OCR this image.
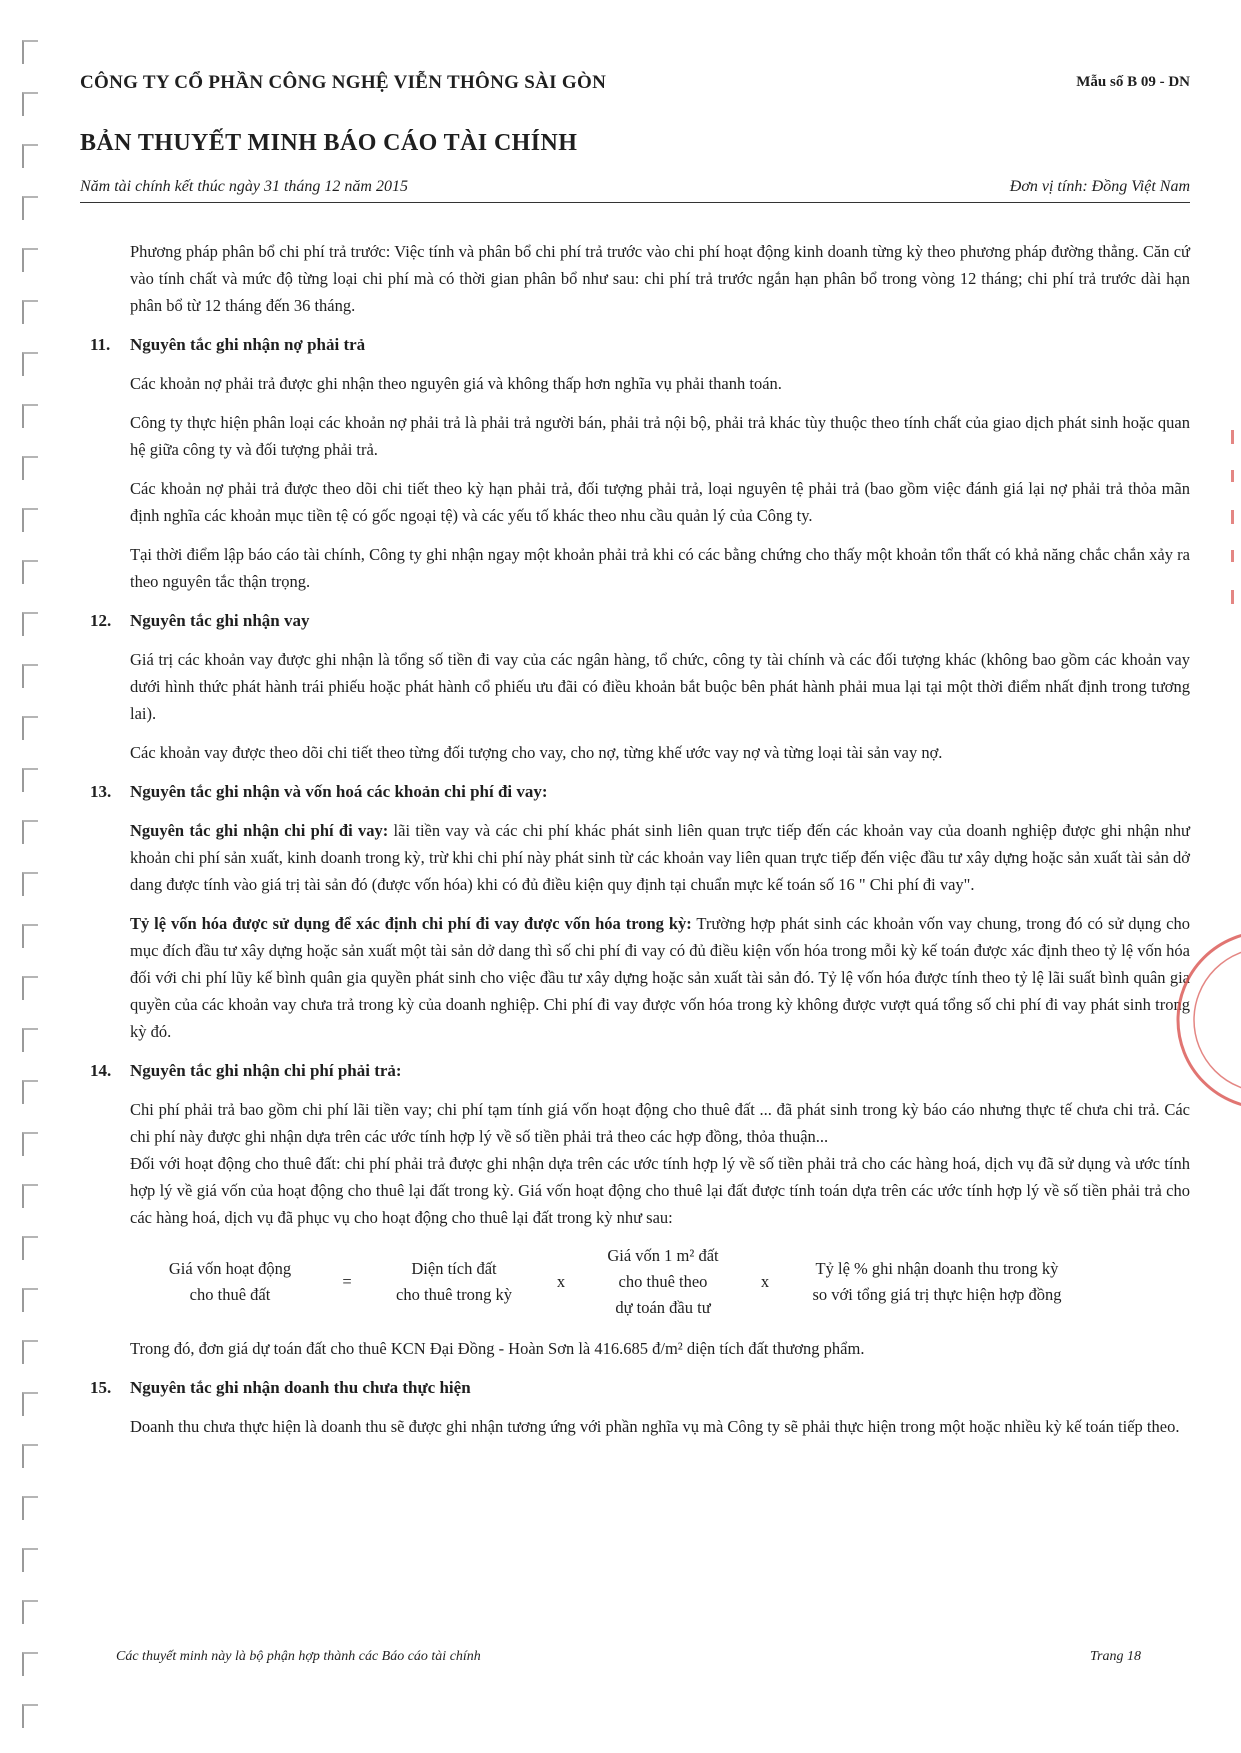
CÔNG TY CỔ PHẦN CÔNG NGHỆ VIỄN THÔNG SÀI GÒN	Mẫu số B 09 - DN
BẢN THUYẾT MINH BÁO CÁO TÀI CHÍNH
Năm tài chính kết thúc ngày 31 tháng 12 năm 2015	Đơn vị tính: Đồng Việt Nam

Phương pháp phân bổ chi phí trả trước: Việc tính và phân bổ chi phí trả trước vào chi phí hoạt động kinh doanh từng kỳ theo phương pháp đường thẳng. Căn cứ vào tính chất và mức độ từng loại chi phí mà có thời gian phân bổ như sau: chi phí trả trước ngắn hạn phân bổ trong vòng 12 tháng; chi phí trả trước dài hạn phân bổ từ 12 tháng đến 36 tháng.

11. Nguyên tắc ghi nhận nợ phải trả

Các khoản nợ phải trả được ghi nhận theo nguyên giá và không thấp hơn nghĩa vụ phải thanh toán.

Công ty thực hiện phân loại các khoản nợ phải trả là phải trả người bán, phải trả nội bộ, phải trả khác tùy thuộc theo tính chất của giao dịch phát sinh hoặc quan hệ giữa công ty và đối tượng phải trả.

Các khoản nợ phải trả được theo dõi chi tiết theo kỳ hạn phải trả, đối tượng phải trả, loại nguyên tệ phải trả (bao gồm việc đánh giá lại nợ phải trả thỏa mãn định nghĩa các khoản mục tiền tệ có gốc ngoại tệ) và các yếu tố khác theo nhu cầu quản lý của Công ty.

Tại thời điểm lập báo cáo tài chính, Công ty ghi nhận ngay một khoản phải trả khi có các bằng chứng cho thấy một khoản tổn thất có khả năng chắc chắn xảy ra theo nguyên tắc thận trọng.

12. Nguyên tắc ghi nhận vay

Giá trị các khoản vay được ghi nhận là tổng số tiền đi vay của các ngân hàng, tổ chức, công ty tài chính và các đối tượng khác (không bao gồm các khoản vay dưới hình thức phát hành trái phiếu hoặc phát hành cổ phiếu ưu đãi có điều khoản bắt buộc bên phát hành phải mua lại tại một thời điểm nhất định trong tương lai).

Các khoản vay được theo dõi chi tiết theo từng đối tượng cho vay, cho nợ, từng khế ước vay nợ và từng loại tài sản vay nợ.

13. Nguyên tắc ghi nhận và vốn hoá các khoản chi phí đi vay:

Nguyên tắc ghi nhận chi phí đi vay: lãi tiền vay và các chi phí khác phát sinh liên quan trực tiếp đến các khoản vay của doanh nghiệp được ghi nhận như khoản chi phí sản xuất, kinh doanh trong kỳ, trừ khi chi phí này phát sinh từ các khoản vay liên quan trực tiếp đến việc đầu tư xây dựng hoặc sản xuất tài sản dở dang được tính vào giá trị tài sản đó (được vốn hóa) khi có đủ điều kiện quy định tại chuẩn mực kế toán số 16 " Chi phí đi vay".

Tỷ lệ vốn hóa được sử dụng để xác định chi phí đi vay được vốn hóa trong kỳ: Trường hợp phát sinh các khoản vốn vay chung, trong đó có sử dụng cho mục đích đầu tư xây dựng hoặc sản xuất một tài sản dở dang thì số chi phí đi vay có đủ điều kiện vốn hóa trong mỗi kỳ kế toán được xác định theo tỷ lệ vốn hóa đối với chi phí lũy kế bình quân gia quyền phát sinh cho việc đầu tư xây dựng hoặc sản xuất tài sản đó. Tỷ lệ vốn hóa được tính theo tỷ lệ lãi suất bình quân gia quyền của các khoản vay chưa trả trong kỳ của doanh nghiệp. Chi phí đi vay được vốn hóa trong kỳ không được vượt quá tổng số chi phí đi vay phát sinh trong kỳ đó.

14. Nguyên tắc ghi nhận chi phí phải trả:

Chi phí phải trả bao gồm chi phí lãi tiền vay; chi phí tạm tính giá vốn hoạt động cho thuê đất ... đã phát sinh trong kỳ báo cáo nhưng thực tế chưa chi trả. Các chi phí này được ghi nhận dựa trên các ước tính hợp lý về số tiền phải trả theo các hợp đồng, thỏa thuận...

Đối với hoạt động cho thuê đất: chi phí phải trả được ghi nhận dựa trên các ước tính hợp lý về số tiền phải trả cho các hàng hoá, dịch vụ đã sử dụng và ước tính hợp lý về giá vốn của hoạt động cho thuê lại đất trong kỳ. Giá vốn hoạt động cho thuê lại đất được tính toán dựa trên các ước tính hợp lý về số tiền phải trả cho các hàng hoá, dịch vụ đã phục vụ cho hoạt động cho thuê lại đất trong kỳ như sau:

Giá vốn hoạt động
cho thuê đất
=
Diện tích đất
cho thuê trong kỳ
x
Giá vốn 1 m² đất
cho thuê theo
dự toán đầu tư
x
Tỷ lệ % ghi nhận doanh thu trong kỳ
so với tổng giá trị thực hiện hợp đồng

Trong đó, đơn giá dự toán đất cho thuê KCN Đại Đồng - Hoàn Sơn là 416.685 đ/m² diện tích đất thương phẩm.

15. Nguyên tắc ghi nhận doanh thu chưa thực hiện

Doanh thu chưa thực hiện là doanh thu sẽ được ghi nhận tương ứng với phần nghĩa vụ mà Công ty sẽ phải thực hiện trong một hoặc nhiều kỳ kế toán tiếp theo.

Các thuyết minh này là bộ phận hợp thành các Báo cáo tài chính	Trang 18
